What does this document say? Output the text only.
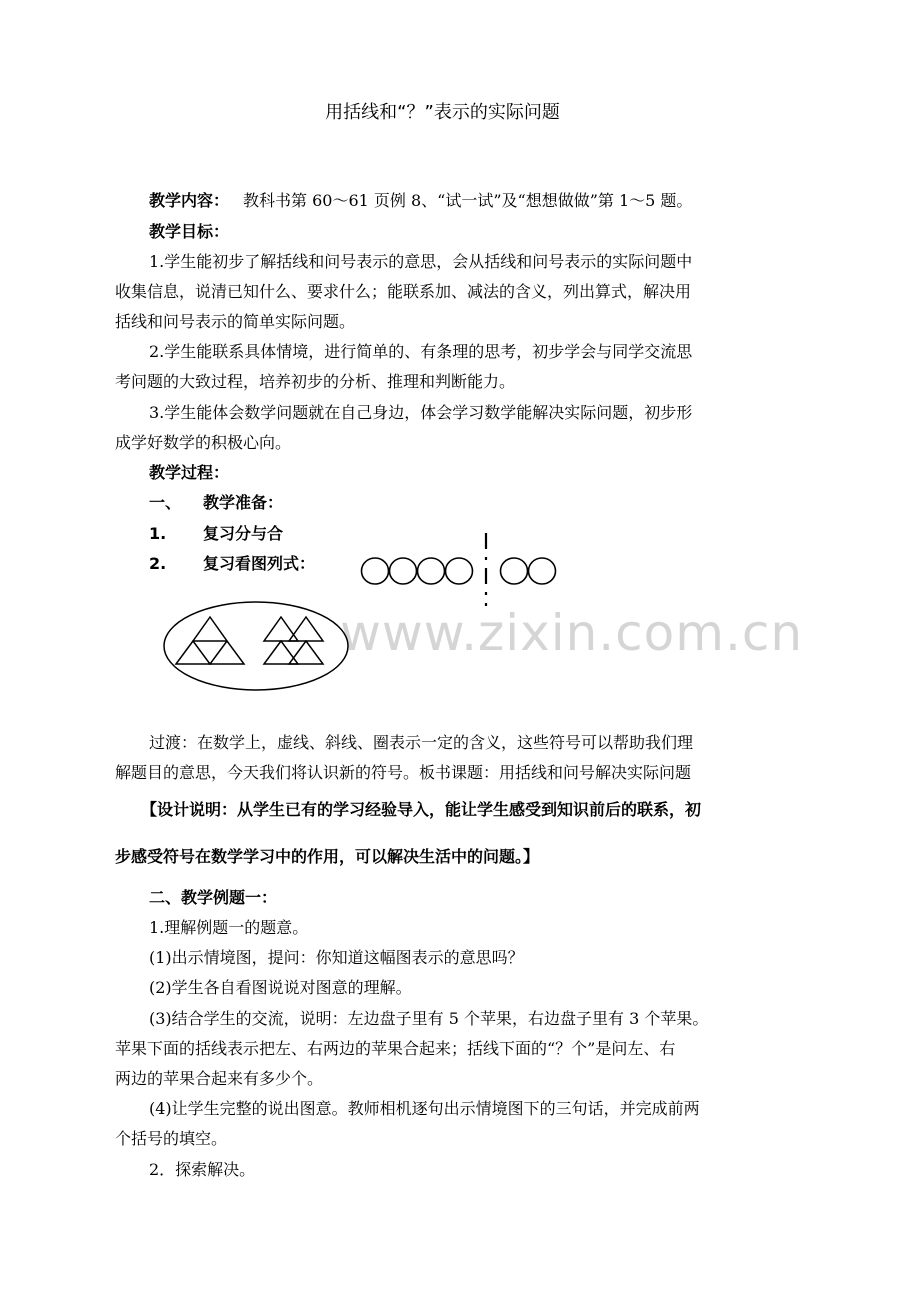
用括线和“？”表示的实际问题
教学内容： 教科书第 60～61 页例 8、“试一试”及“想想做做”第 1～5 题。
教学目标：
1.学生能初步了解括线和问号表示的意思，会从括线和问号表示的实际问题中
收集信息，说清已知什么、要求什么；能联系加、减法的含义，列出算式，解决用
括线和问号表示的简单实际问题。
2.学生能联系具体情境，进行简单的、有条理的思考，初步学会与同学交流思
考问题的大致过程，培养初步的分析、推理和判断能力。
3.学生能体会数学问题就在自己身边，体会学习数学能解决实际问题，初步形
成学好数学的积极心向。
教学过程：
一、 教学准备：
1. 复习分与合
2. 复习看图列式：
www.zixin.com.cn
过渡：在数学上，虚线、斜线、圈表示一定的含义，这些符号可以帮助我们理
解题目的意思，今天我们将认识新的符号。板书课题：用括线和问号解决实际问题
【设计说明：从学生已有的学习经验导入，能让学生感受到知识前后的联系，初
步感受符号在数学学习中的作用，可以解决生活中的问题。】
二、教学例题一：
1.理解例题一的题意。
(1)出示情境图，提问：你知道这幅图表示的意思吗？
(2)学生各自看图说说对图意的理解。
(3)结合学生的交流，说明：左边盘子里有 5 个苹果，右边盘子里有 3 个苹果。
苹果下面的括线表示把左、右两边的苹果合起来；括线下面的“？个”是问左、右
两边的苹果合起来有多少个。
(4)让学生完整的说出图意。教师相机逐句出示情境图下的三句话，并完成前两
个括号的填空。
2．探索解决。
